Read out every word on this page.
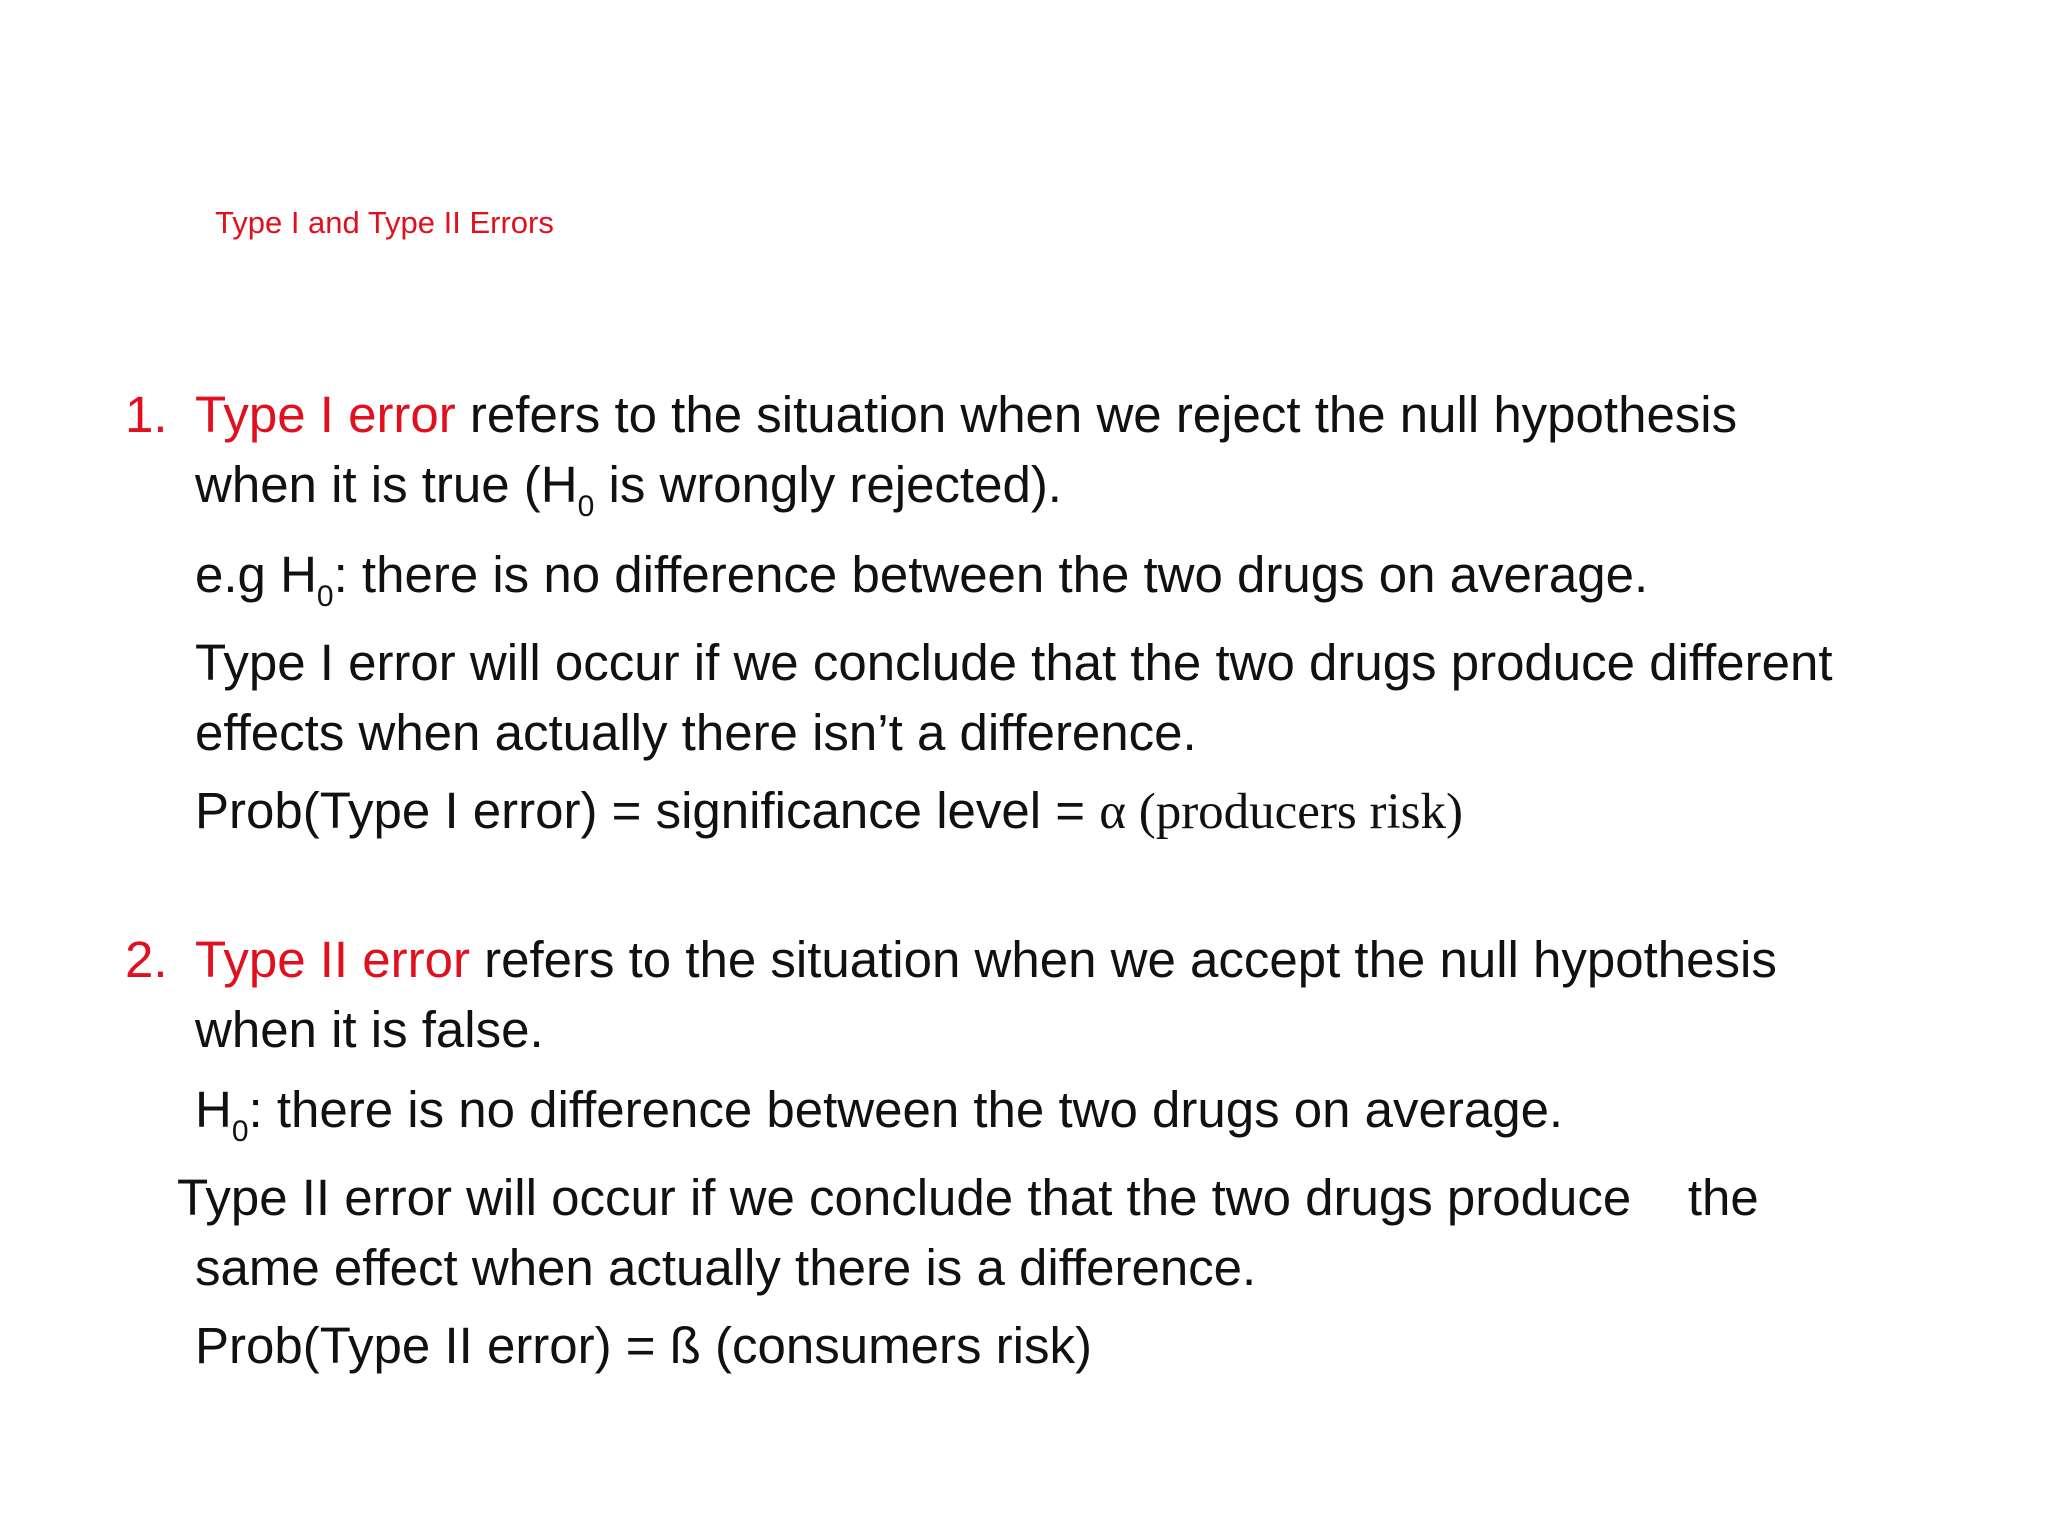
Type I and Type II Errors
1. Type I error refers to the situation when we reject the null hypothesis
when it is true ($H_0$ is wrongly rejected).
e.g $H_0$: there is no difference between the two drugs on average.
Type I error will occur if we conclude that the two drugs produce different
effects when actually there isn’t a difference.
Prob(Type I error) = significance level = α (producers risk)
2. Type II error refers to the situation when we accept the null hypothesis
when it is false.
$H_0$: there is no difference between the two drugs on average.
Type II error will occur if we conclude that the two drugs produce    the
same effect when actually there is a difference.
Prob(Type II error) = ß (consumers risk)
